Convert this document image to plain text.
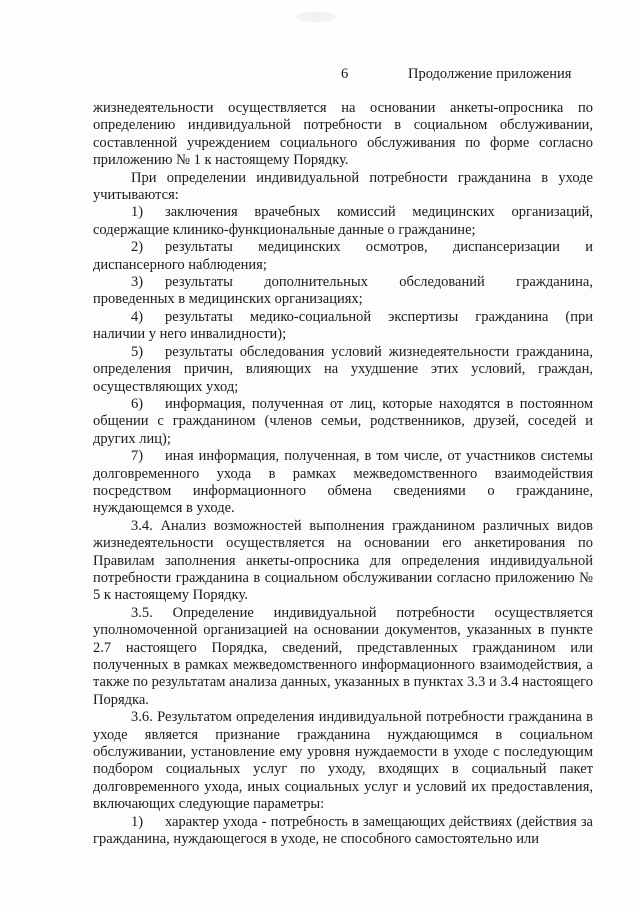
6	Продолжение приложения

жизнедеятельности осуществляется на основании анкеты-опросника по определению индивидуальной потребности в социальном обслуживании, составленной учреждением социального обслуживания по форме согласно приложению № 1 к настоящему Порядку.

При определении индивидуальной потребности гражданина в уходе учитываются:

1) заключения врачебных комиссий медицинских организаций, содержащие клинико-функциональные данные о гражданине;

2) результаты медицинских осмотров, диспансеризации и диспансерного наблюдения;

3) результаты дополнительных обследований гражданина, проведенных в медицинских организациях;

4) результаты медико-социальной экспертизы гражданина (при наличии у него инвалидности);

5) результаты обследования условий жизнедеятельности гражданина, определения причин, влияющих на ухудшение этих условий, граждан, осуществляющих уход;

6) информация, полученная от лиц, которые находятся в постоянном общении с гражданином (членов семьи, родственников, друзей, соседей и других лиц);

7) иная информация, полученная, в том числе, от участников системы долговременного ухода в рамках межведомственного взаимодействия посредством информационного обмена сведениями о гражданине, нуждающемся в уходе.

3.4. Анализ возможностей выполнения гражданином различных видов жизнедеятельности осуществляется на основании его анкетирования по Правилам заполнения анкеты-опросника для определения индивидуальной потребности гражданина в социальном обслуживании согласно приложению № 5 к настоящему Порядку.

3.5. Определение индивидуальной потребности осуществляется уполномоченной организацией на основании документов, указанных в пункте 2.7 настоящего Порядка, сведений, представленных гражданином или полученных в рамках межведомственного информационного взаимодействия, а также по результатам анализа данных, указанных в пунктах 3.3 и 3.4 настоящего Порядка.

3.6. Результатом определения индивидуальной потребности гражданина в уходе является признание гражданина нуждающимся в социальном обслуживании, установление ему уровня нуждаемости в уходе с последующим подбором социальных услуг по уходу, входящих в социальный пакет долговременного ухода, иных социальных услуг и условий их предоставления, включающих следующие параметры:

1) характер ухода - потребность в замещающих действиях (действия за гражданина, нуждающегося в уходе, не способного самостоятельно или
